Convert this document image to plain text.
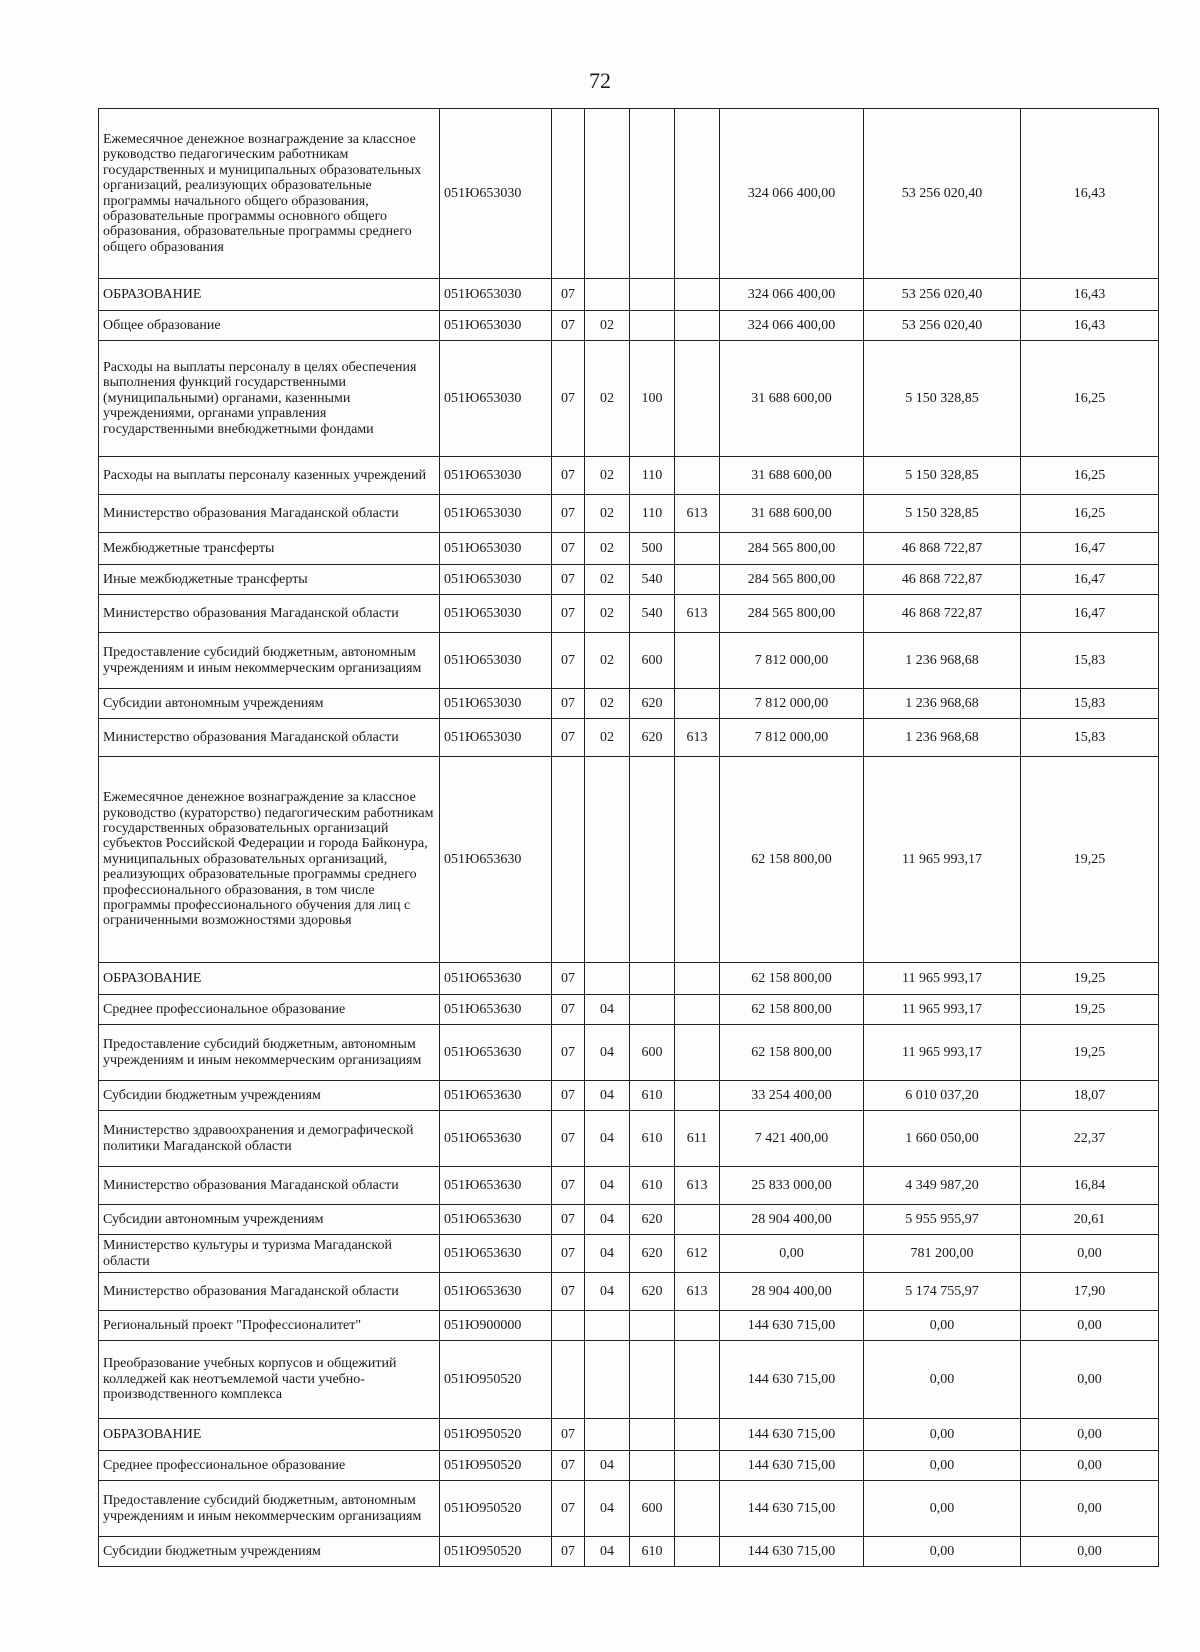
72
Ежемесячное денежное вознаграждение за классное руководство педагогическим работникам государственных и муниципальных образовательных организаций, реализующих образовательные программы начального общего образования, образовательные программы основного общего образования, образовательные программы среднего общего образования	051Ю653030					324 066 400,00	53 256 020,40	16,43
ОБРАЗОВАНИЕ	051Ю653030	07				324 066 400,00	53 256 020,40	16,43
Общее образование	051Ю653030	07	02			324 066 400,00	53 256 020,40	16,43
Расходы на выплаты персоналу в целях обеспечения выполнения функций государственными (муниципальными) органами, казенными учреждениями, органами управления государственными внебюджетными фондами	051Ю653030	07	02	100		31 688 600,00	5 150 328,85	16,25
Расходы на выплаты персоналу казенных учреждений	051Ю653030	07	02	110		31 688 600,00	5 150 328,85	16,25
Министерство образования Магаданской области	051Ю653030	07	02	110	613	31 688 600,00	5 150 328,85	16,25
Межбюджетные трансферты	051Ю653030	07	02	500		284 565 800,00	46 868 722,87	16,47
Иные межбюджетные трансферты	051Ю653030	07	02	540		284 565 800,00	46 868 722,87	16,47
Министерство образования Магаданской области	051Ю653030	07	02	540	613	284 565 800,00	46 868 722,87	16,47
Предоставление субсидий бюджетным, автономным учреждениям и иным некоммерческим организациям	051Ю653030	07	02	600		7 812 000,00	1 236 968,68	15,83
Субсидии автономным учреждениям	051Ю653030	07	02	620		7 812 000,00	1 236 968,68	15,83
Министерство образования Магаданской области	051Ю653030	07	02	620	613	7 812 000,00	1 236 968,68	15,83
Ежемесячное денежное вознаграждение за классное руководство (кураторство) педагогическим работникам государственных образовательных организаций субъектов Российской Федерации и города Байконура, муниципальных образовательных организаций, реализующих образовательные программы среднего профессионального образования, в том числе программы профессионального обучения для лиц с ограниченными возможностями здоровья	051Ю653630					62 158 800,00	11 965 993,17	19,25
ОБРАЗОВАНИЕ	051Ю653630	07				62 158 800,00	11 965 993,17	19,25
Среднее профессиональное образование	051Ю653630	07	04			62 158 800,00	11 965 993,17	19,25
Предоставление субсидий бюджетным, автономным учреждениям и иным некоммерческим организациям	051Ю653630	07	04	600		62 158 800,00	11 965 993,17	19,25
Субсидии бюджетным учреждениям	051Ю653630	07	04	610		33 254 400,00	6 010 037,20	18,07
Министерство здравоохранения и демографической политики Магаданской области	051Ю653630	07	04	610	611	7 421 400,00	1 660 050,00	22,37
Министерство образования Магаданской области	051Ю653630	07	04	610	613	25 833 000,00	4 349 987,20	16,84
Субсидии автономным учреждениям	051Ю653630	07	04	620		28 904 400,00	5 955 955,97	20,61
Министерство культуры и туризма Магаданской области	051Ю653630	07	04	620	612	0,00	781 200,00	0,00
Министерство образования Магаданской области	051Ю653630	07	04	620	613	28 904 400,00	5 174 755,97	17,90
Региональный проект "Профессионалитет"	051Ю900000					144 630 715,00	0,00	0,00
Преобразование учебных корпусов и общежитий колледжей как неотъемлемой части учебно-производственного комплекса	051Ю950520					144 630 715,00	0,00	0,00
ОБРАЗОВАНИЕ	051Ю950520	07				144 630 715,00	0,00	0,00
Среднее профессиональное образование	051Ю950520	07	04			144 630 715,00	0,00	0,00
Предоставление субсидий бюджетным, автономным учреждениям и иным некоммерческим организациям	051Ю950520	07	04	600		144 630 715,00	0,00	0,00
Субсидии бюджетным учреждениям	051Ю950520	07	04	610		144 630 715,00	0,00	0,00
